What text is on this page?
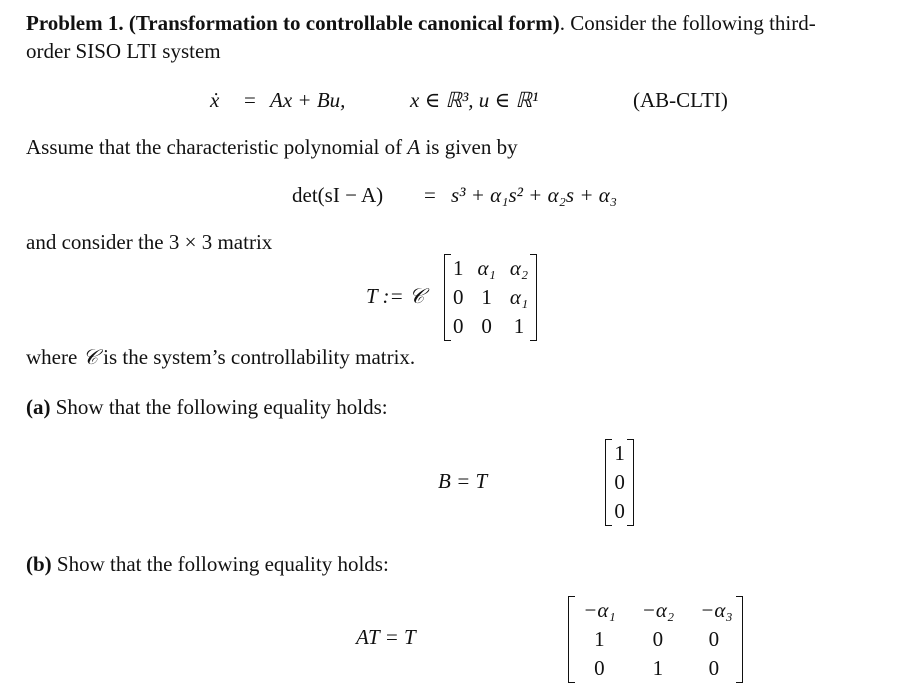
Problem 1. (Transformation to controllable canonical form). Consider the following third-
order SISO LTI system
ẋ = Ax + Bu,	x ∈ ℝ³, u ∈ ℝ¹	(AB-CLTI)
Assume that the characteristic polynomial of A is given by
det(sI − A) = s³ + α₁s² + α₂s + α₃
and consider the 3 × 3 matrix
T := 𝒞
1	α₁	α₂
0	1	α₁
0	0	1

where 𝒞 is the system’s controllability matrix.
(a) Show that the following equality holds:
B = T
1
0
0

(b) Show that the following equality holds:
AT = T
−α₁	−α₂	−α₃
1	0	0
0	1	0
